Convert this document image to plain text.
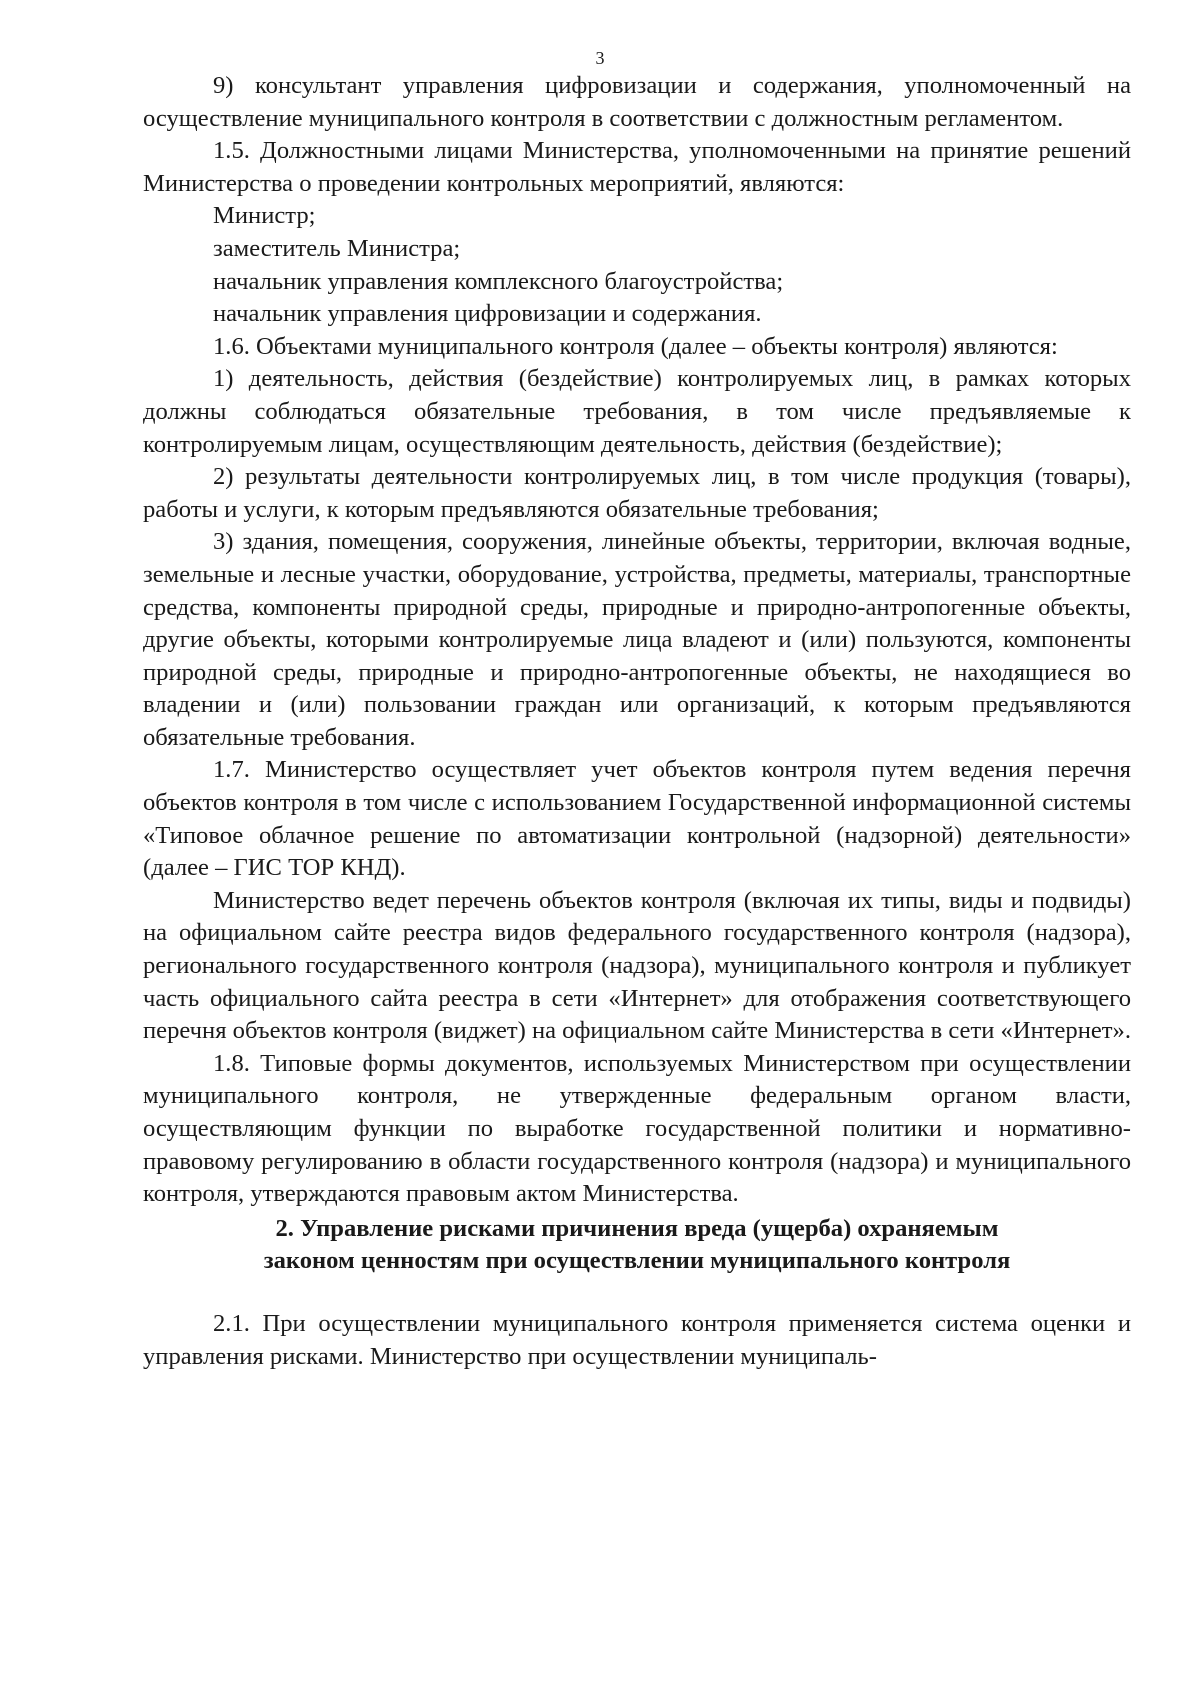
3

9) консультант управления цифровизации и содержания, уполномоченный на осуществление муниципального контроля в соответствии с должностным регламентом.

1.5. Должностными лицами Министерства, уполномоченными на принятие решений Министерства о проведении контрольных мероприятий, являются:

Министр;

заместитель Министра;

начальник управления комплексного благоустройства;

начальник управления цифровизации и содержания.

1.6. Объектами муниципального контроля (далее – объекты контроля) являются:

1) деятельность, действия (бездействие) контролируемых лиц, в рамках которых должны соблюдаться обязательные требования, в том числе предъявляемые к контролируемым лицам, осуществляющим деятельность, действия (бездействие);

2) результаты деятельности контролируемых лиц, в том числе продукция (товары), работы и услуги, к которым предъявляются обязательные требования;

3) здания, помещения, сооружения, линейные объекты, территории, включая водные, земельные и лесные участки, оборудование, устройства, предметы, материалы, транспортные средства, компоненты природной среды, природные и природно-антропогенные объекты, другие объекты, которыми контролируемые лица владеют и (или) пользуются, компоненты природной среды, природные и природно-антропогенные объекты, не находящиеся во владении и (или) пользовании граждан или организаций, к которым предъявляются обязательные требования.

1.7. Министерство осуществляет учет объектов контроля путем ведения перечня объектов контроля в том числе с использованием Государственной информационной системы «Типовое облачное решение по автоматизации контрольной (надзорной) деятельности» (далее – ГИС ТОР КНД).

Министерство ведет перечень объектов контроля (включая их типы, виды и подвиды) на официальном сайте реестра видов федерального государственного контроля (надзора), регионального государственного контроля (надзора), муниципального контроля и публикует часть официального сайта реестра в сети «Интернет» для отображения соответствующего перечня объектов контроля (виджет) на официальном сайте Министерства в сети «Интернет».

1.8. Типовые формы документов, используемых Министерством при осуществлении муниципального контроля, не утвержденные федеральным органом власти, осуществляющим функции по выработке государственной политики и нормативно-правовому регулированию в области государственного контроля (надзора) и муниципального контроля, утверждаются правовым актом Министерства.

2. Управление рисками причинения вреда (ущерба) охраняемым
законом ценностям при осуществлении муниципального контроля

2.1. При осуществлении муниципального контроля применяется система оценки и управления рисками. Министерство при осуществлении муниципаль-
